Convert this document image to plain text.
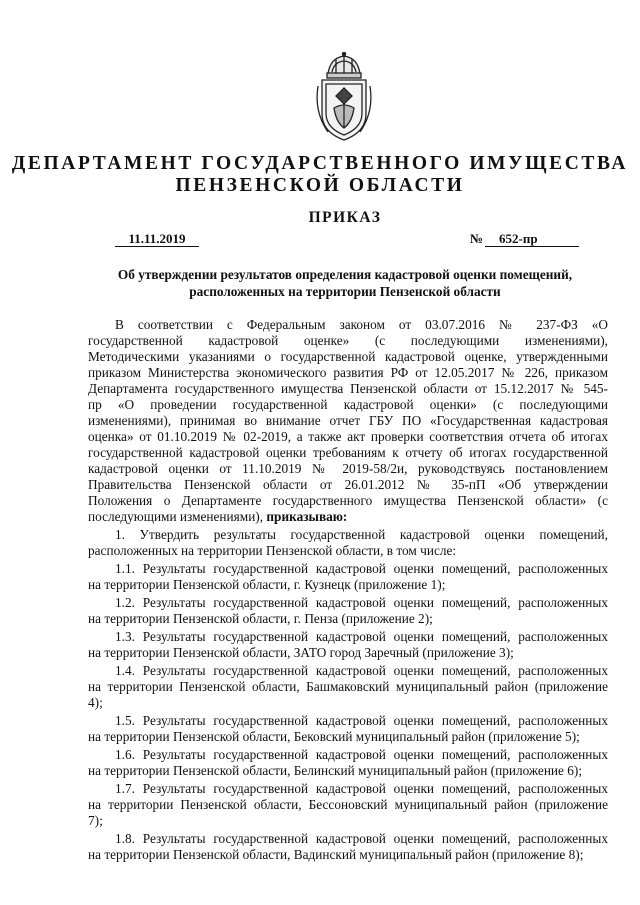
ДЕПАРТАМЕНТ ГОСУДАРСТВЕННОГО ИМУЩЕСТВА
ПЕНЗЕНСКОЙ ОБЛАСТИ
ПРИКАЗ
11.11.2019	№	652-пр
Об утверждении результатов определения кадастровой оценки помещений,
расположенных на территории Пензенской области
В соответствии с Федеральным законом от 03.07.2016 № 237-ФЗ «О
государственной кадастровой оценке» (с последующими изменениями),
Методическими указаниями о государственной кадастровой оценке, утвержденными
приказом Министерства экономического развития РФ от 12.05.2017 № 226, приказом
Департамента государственного имущества Пензенской области от 15.12.2017 № 545-
пр «О проведении государственной кадастровой оценки» (с последующими
изменениями), принимая во внимание отчет ГБУ ПО «Государственная кадастровая
оценка» от 01.10.2019 № 02-2019, а также акт проверки соответствия отчета об итогах
государственной кадастровой оценки требованиям к отчету об итогах государственной
кадастровой оценки от 11.10.2019 № 2019-58/2и, руководствуясь постановлением
Правительства Пензенской области от 26.01.2012 № 35-пП «Об утверждении
Положения о Департаменте государственного имущества Пензенской области» (с
последующими изменениями), приказываю:
1. Утвердить результаты государственной кадастровой оценки помещений,
расположенных на территории Пензенской области, в том числе:
1.1. Результаты государственной кадастровой оценки помещений, расположенных
на территории Пензенской области, г. Кузнецк (приложение 1);
1.2. Результаты государственной кадастровой оценки помещений, расположенных
на территории Пензенской области, г. Пенза (приложение 2);
1.3. Результаты государственной кадастровой оценки помещений, расположенных
на территории Пензенской области, ЗАТО город Заречный (приложение 3);
1.4. Результаты государственной кадастровой оценки помещений, расположенных
на территории Пензенской области, Башмаковский муниципальный район (приложение
4);
1.5. Результаты государственной кадастровой оценки помещений, расположенных
на территории Пензенской области, Бековский муниципальный район (приложение 5);
1.6. Результаты государственной кадастровой оценки помещений, расположенных
на территории Пензенской области, Белинский муниципальный район (приложение 6);
1.7. Результаты государственной кадастровой оценки помещений, расположенных
на территории Пензенской области, Бессоновский муниципальный район (приложение
7);
1.8. Результаты государственной кадастровой оценки помещений, расположенных
на территории Пензенской области, Вадинский муниципальный район (приложение 8);
